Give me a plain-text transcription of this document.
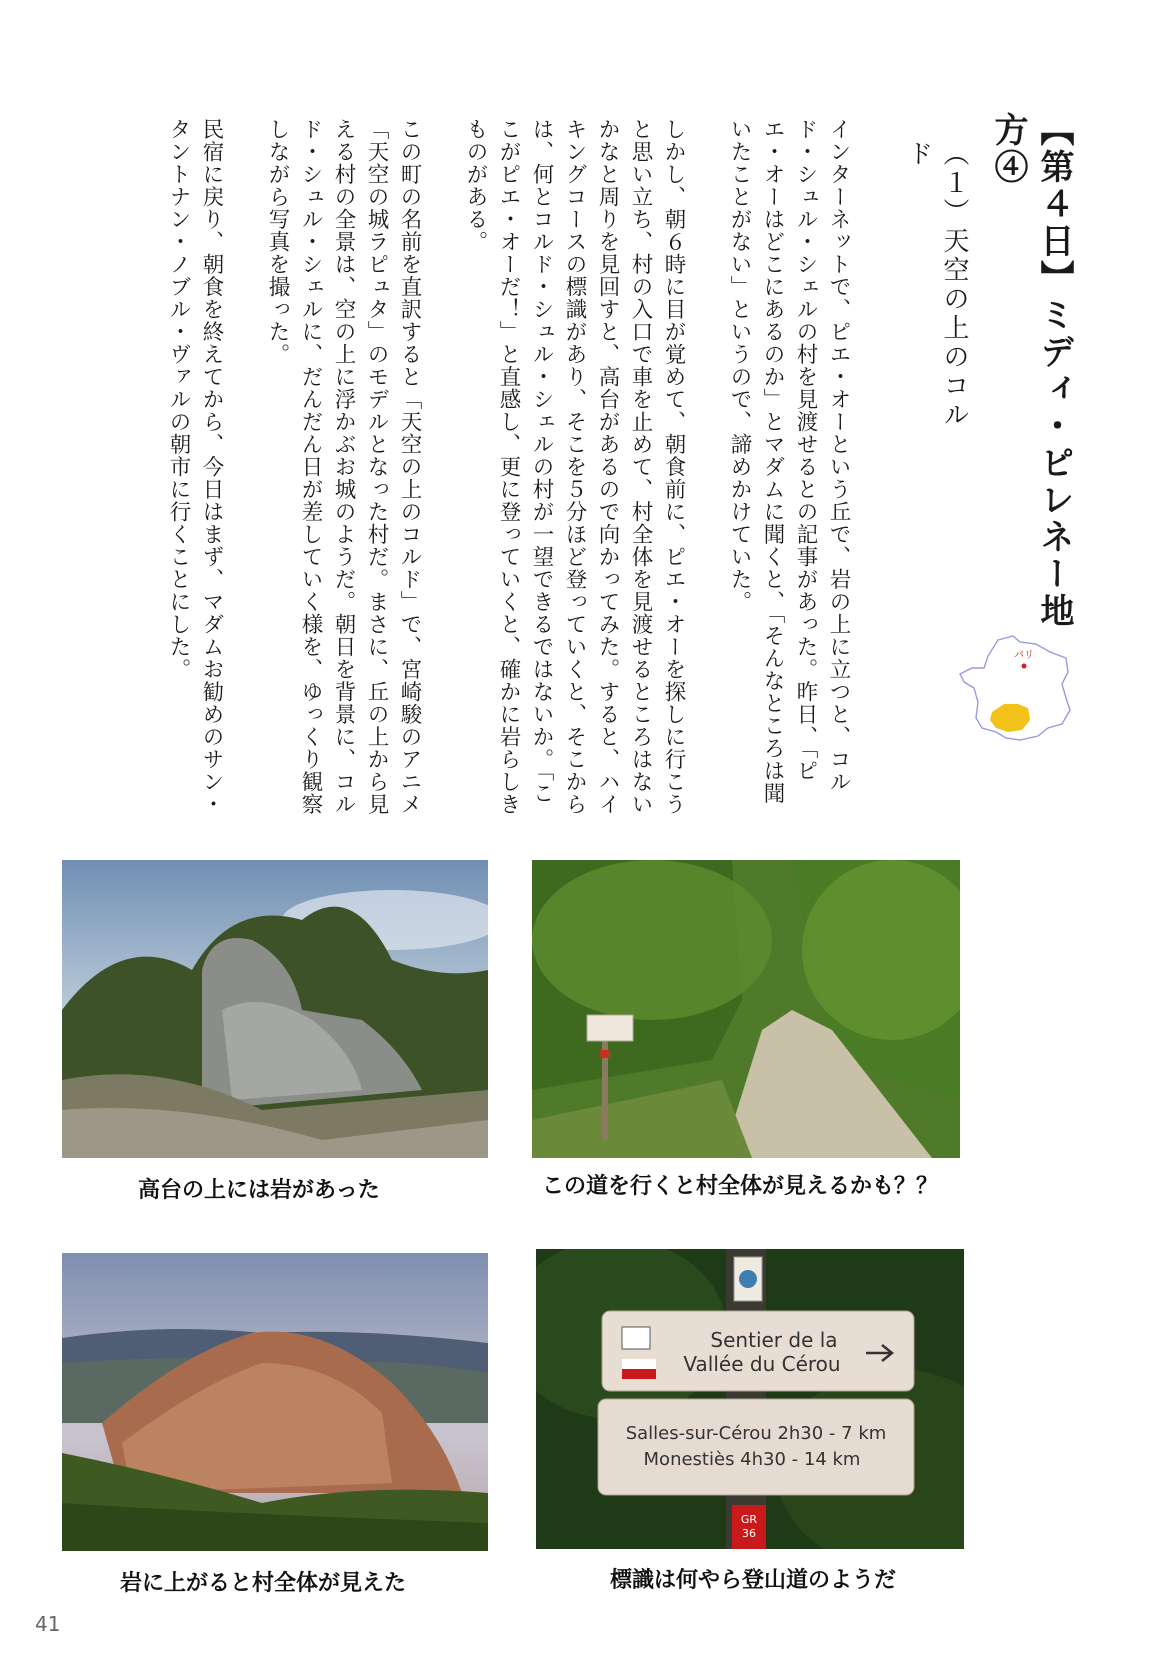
【第４日】ミディ・ピレネー地方④
（１）天空の上のコルド

インターネットで、ピエ・オーという丘で、岩の上に立つと、コルド・シュル・シェルの村を見渡せるとの記事があった。昨日、「ピエ・オーはどこにあるのか」とマダムに聞くと、「そんなところは聞いたことがない」というので、諦めかけていた。

しかし、朝６時に目が覚めて、朝食前に、ピエ・オーを探しに行こうと思い立ち、村の入口で車を止めて、村全体を見渡せるところはないかなと周りを見回すと、高台があるので向かってみた。すると、ハイキングコースの標識があり、そこを５分ほど登っていくと、そこからは、何とコルド・シュル・シェルの村が一望できるではないか。「ここがピエ・オーだ！」と直感し、更に登っていくと、確かに岩らしきものがある。

この町の名前を直訳すると「天空の上のコルド」で、宮崎駿のアニメ「天空の城ラピュタ」のモデルとなった村だ。まさに、丘の上から見える村の全景は、空の上に浮かぶお城のようだ。朝日を背景に、コルド・シュル・シェルに、だんだん日が差していく様を、ゆっくり観察しながら写真を撮った。

民宿に戻り、朝食を終えてから、今日はまず、マダムお勧めのサン・タントナン・ノブル・ヴァルの朝市に行くことにした。	パリ
高台の上には岩があった	この道を行くと村全体が見えるかも？？
岩に上がると村全体が見えた
Sentier de la
Vallée du Cérou
Salles-sur-Cérou 2h30 - 7 km
Monestiès 4h30 - 14 km
GR
36
標識は何やら登山道のようだ
41
